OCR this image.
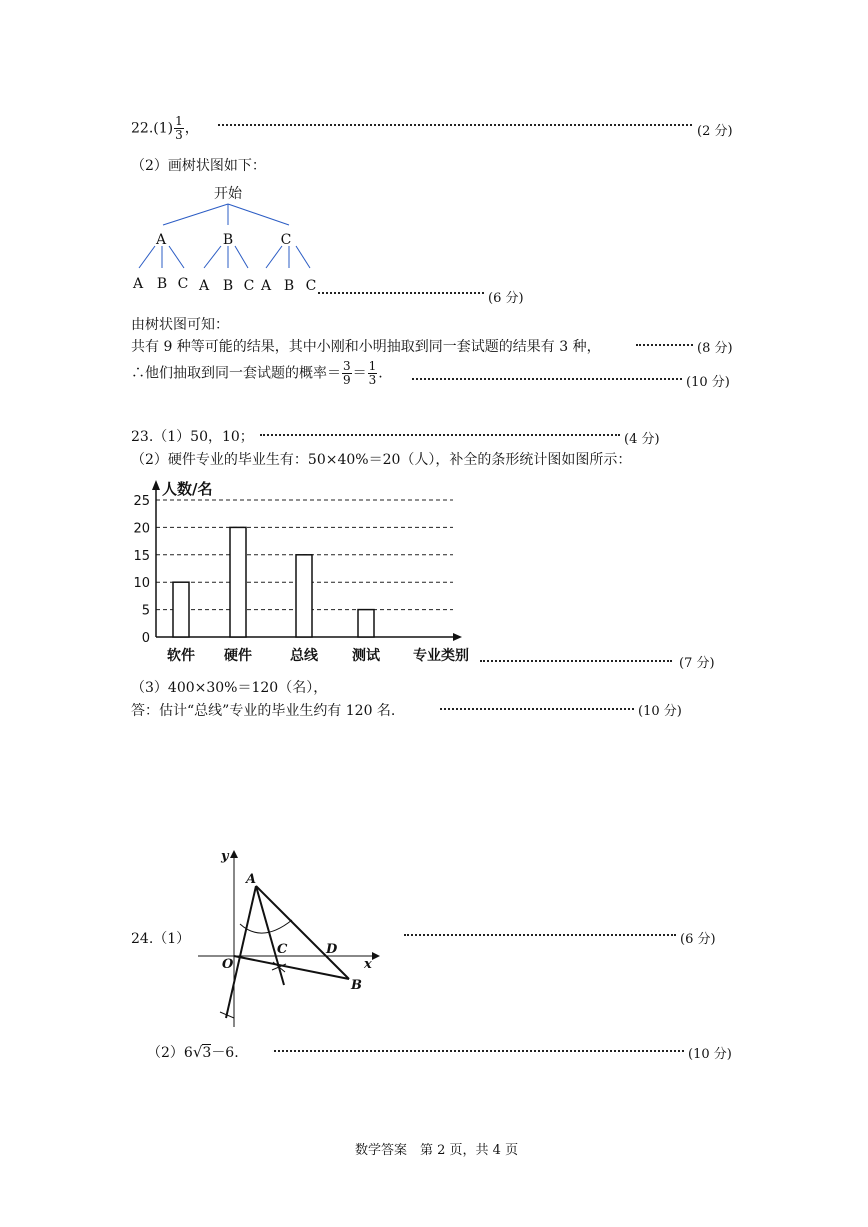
$22.(1) \frac{1}{3}$ ，	(2 分)
（2）画树状图如下：
开始
A	B	C
A B C A B C A B C
(6 分)
由树状图可知：
共有 9 种等可能的结果，其中小刚和小明抽取到同一套试题的结果有 3 种，	(8 分)
∴他们抽取到同一套试题的概率＝ $\frac{3}{9} = \frac{1}{3}$ .
(10 分)
23.（1）50，10；	(4 分)
（2）硬件专业的毕业生有：50×40%＝20（人），补全的条形统计图如图所示：
0
5
10
15
20
25
人数/名
专业类别
软件 硬件	总线 测试	(7 分)
（3）400×30%＝120（名），
答：估计“总线”专业的毕业生约有 120 名.	(10 分)
24.（1）
y
x
A
O
C	D
B
(6 分)
（2）6√3－6.	(10 分)
数学答案　第 2 页，共 4 页
